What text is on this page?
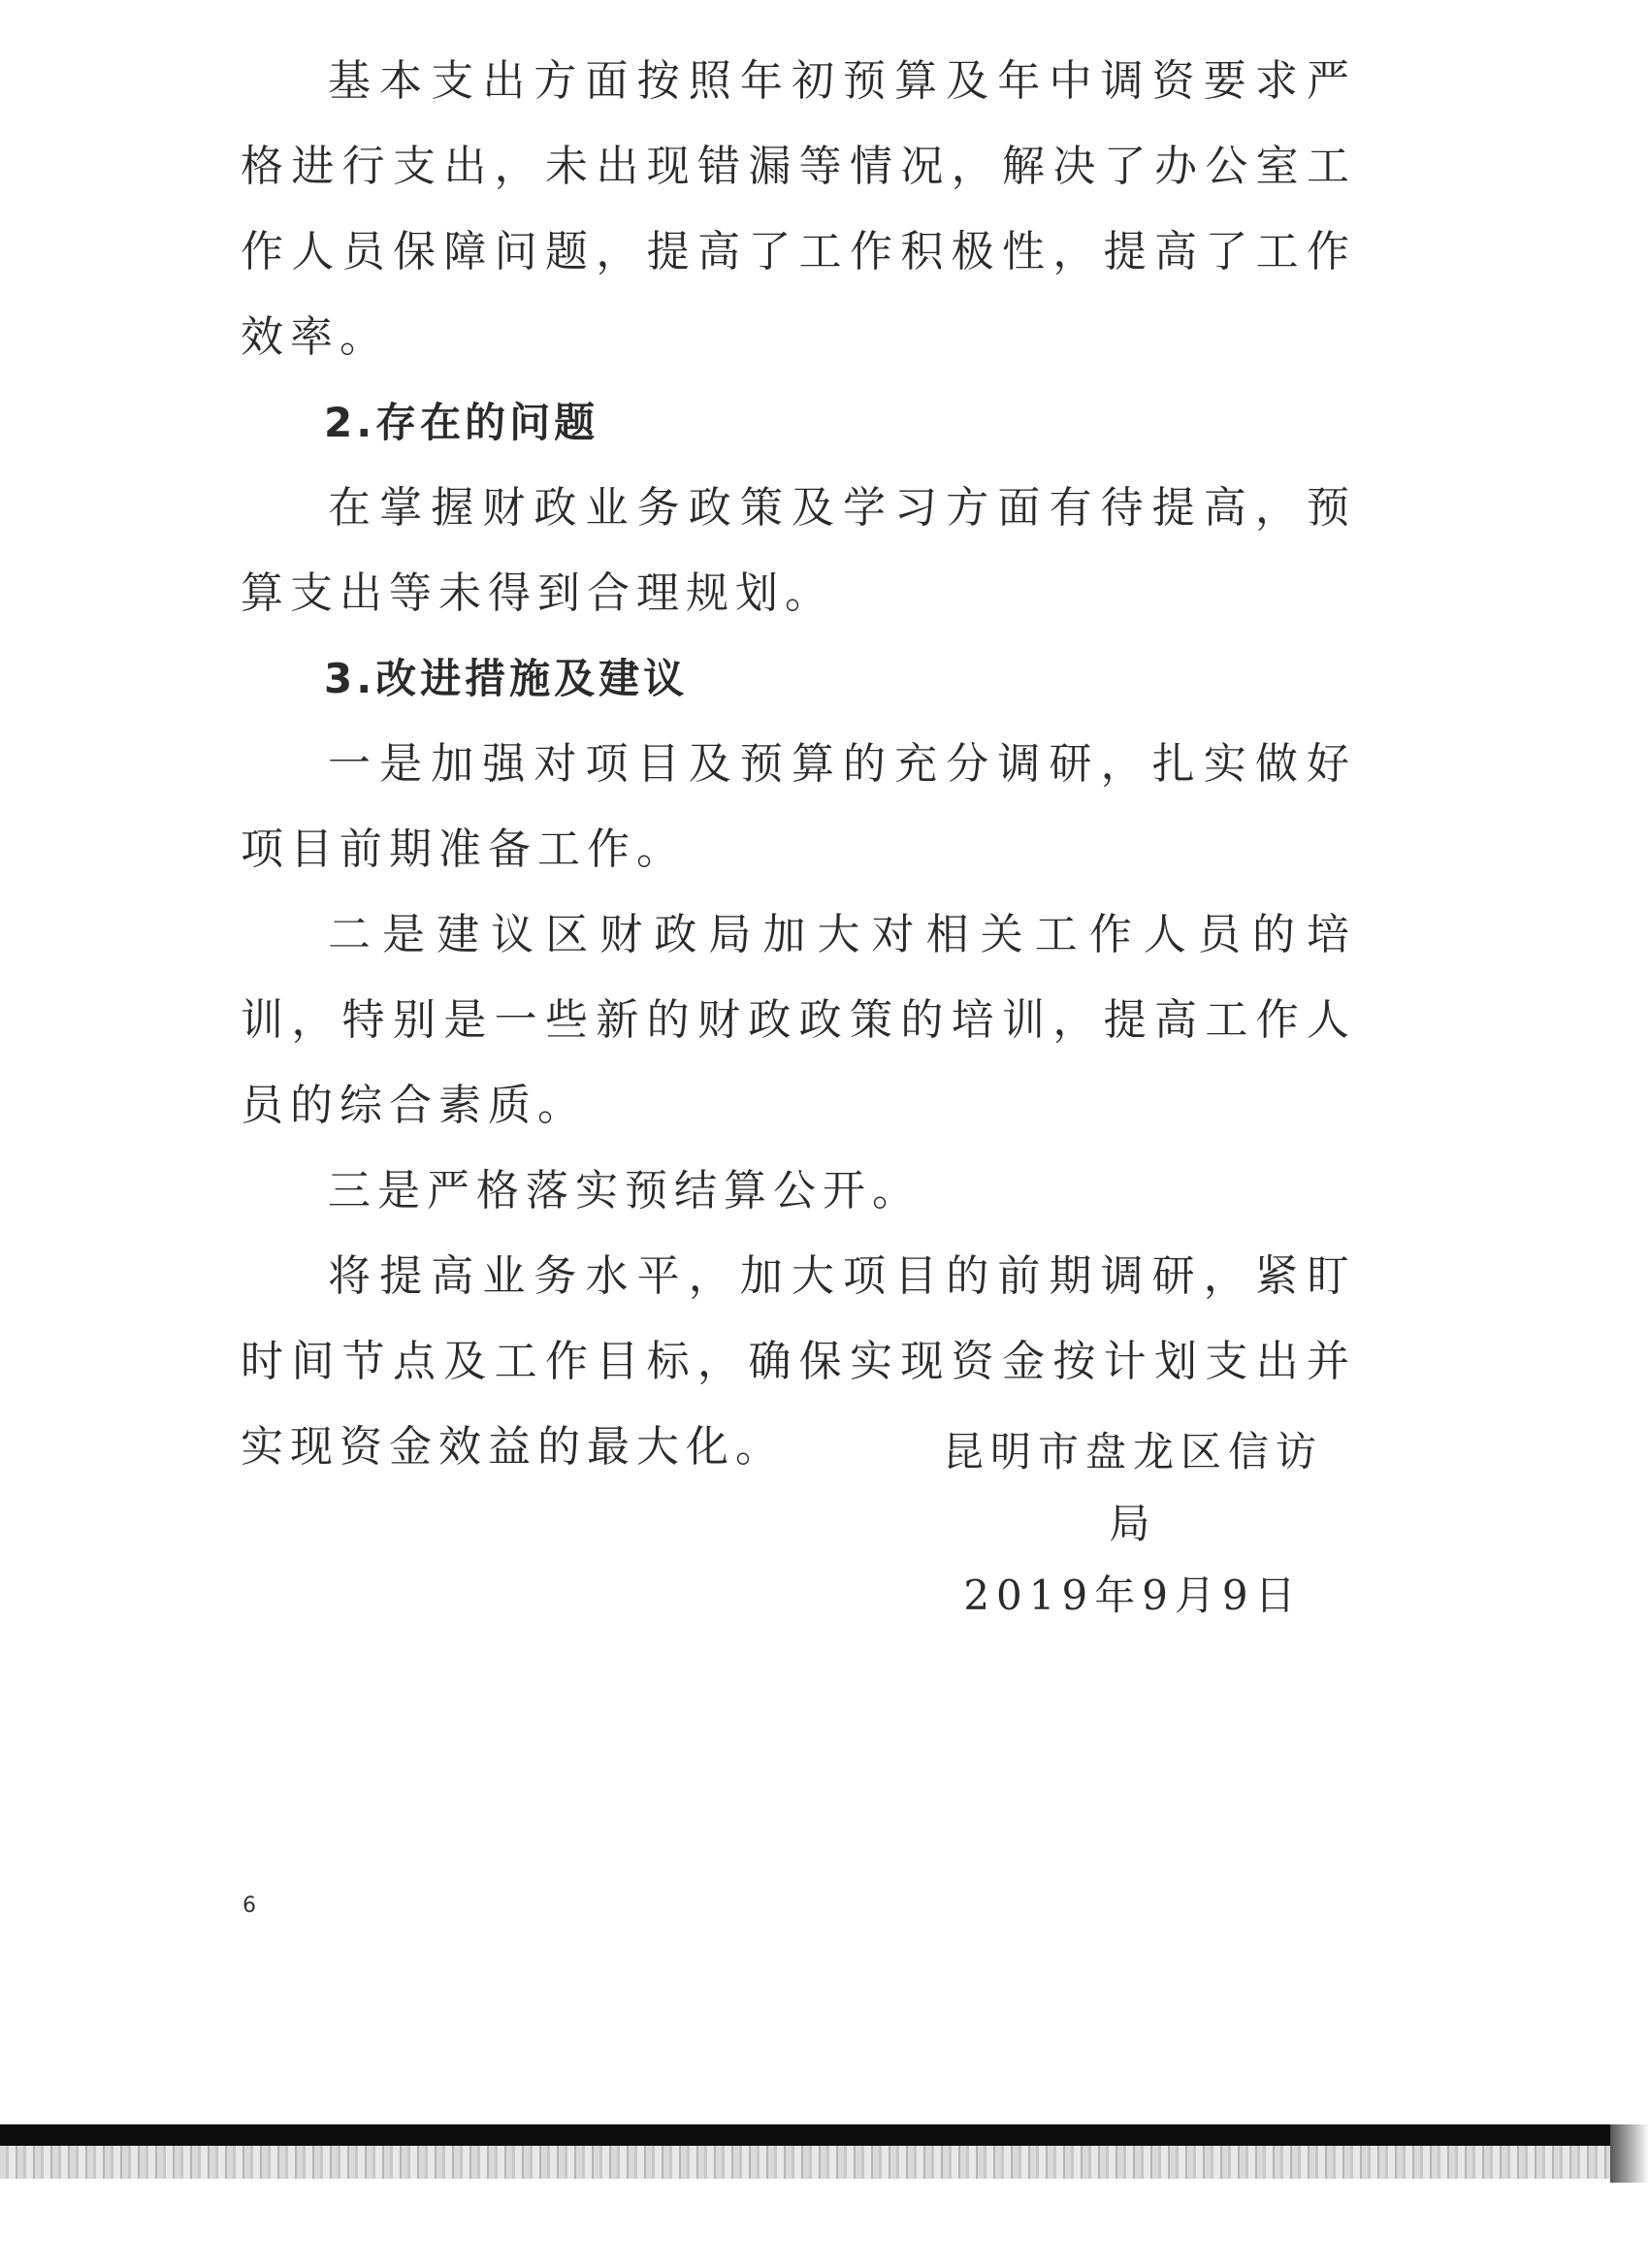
基本支出方面按照年初预算及年中调资要求严格进行支出，未出现错漏等情况，解决了办公室工作人员保障问题，提高了工作积极性，提高了工作效率。

2.存在的问题

在掌握财政业务政策及学习方面有待提高，预算支出等未得到合理规划。

3.改进措施及建议

一是加强对项目及预算的充分调研，扎实做好项目前期准备工作。

二是建议区财政局加大对相关工作人员的培训，特别是一些新的财政政策的培训，提高工作人员的综合素质。

三是严格落实预结算公开。

将提高业务水平，加大项目的前期调研，紧盯时间节点及工作目标，确保实现资金按计划支出并实现资金效益的最大化。	昆明市盘龙区信访局

2019年9月9日

6
